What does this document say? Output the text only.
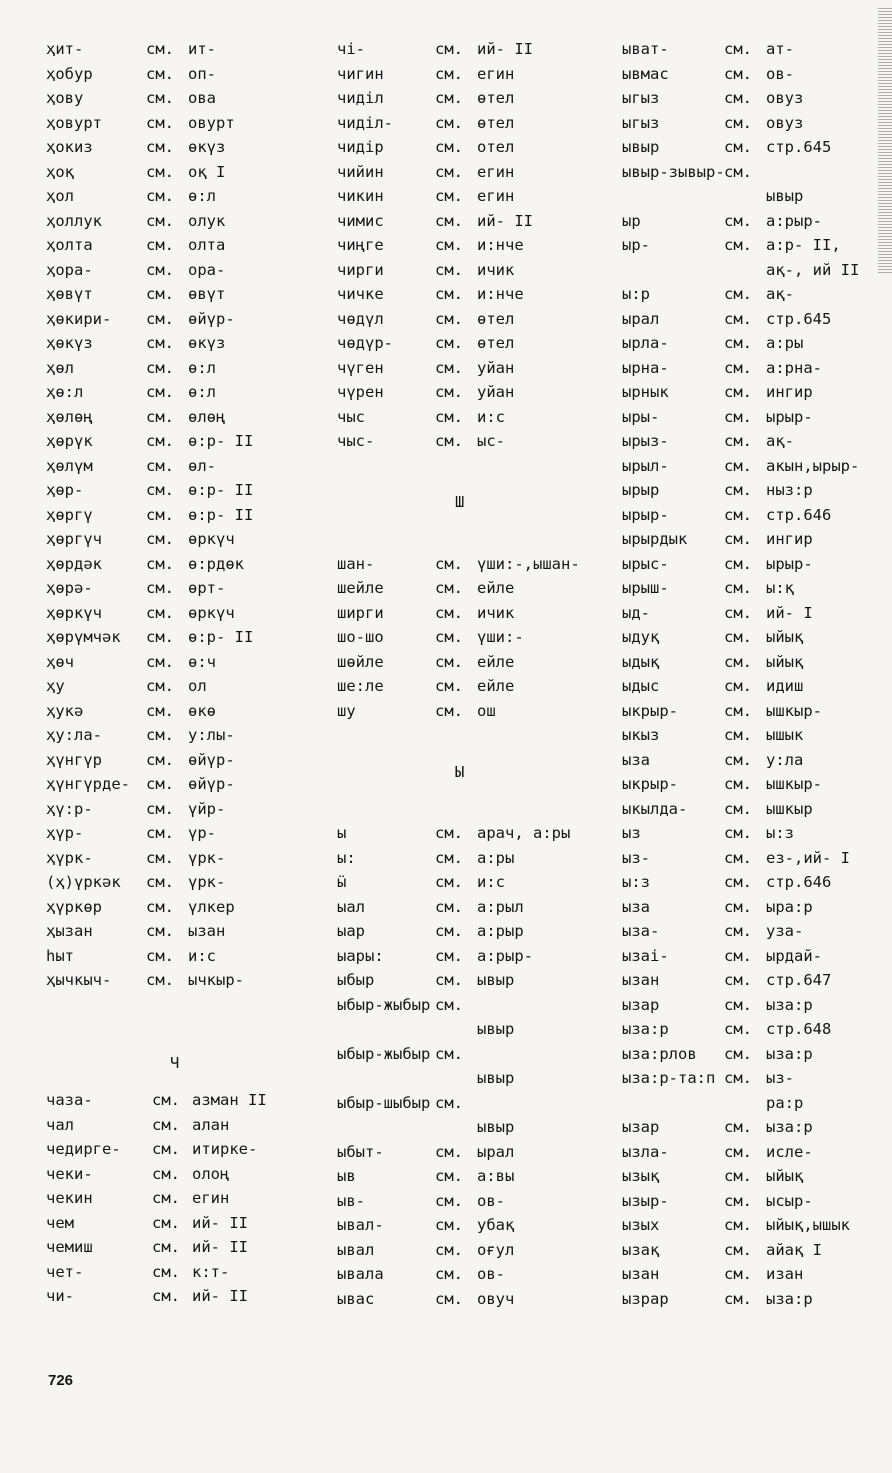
ҳит-	см. ит-
ҳобур	см. оп-
ҳову	см. ова
ҳовурт	см. овурт
ҳокиз	см. өкүз
ҳоқ	см. оқ I
ҳол	см. ө:л
ҳоллук	см. олук
ҳолта	см. олта
ҳора-	см. ора-
ҳөвүт	см. өвүт
ҳөкири- см. өйүр-
ҳөкүз	см. өкүз
ҳөл	см. ө:л
ҳө:л	см. ө:л
ҳөлөң	см. өлөң
ҳөрүк	см. ө:р- II
ҳөлүм	см. өл-
ҳөр-	см. ө:р- II
ҳөргү	см. ө:р- II
ҳөргүч	см. өркүч
ҳөрдәк	см. ө:рдөк
ҳөрә-	см. өрт-
ҳөркүч	см. өркүч
ҳөрүмчәк см. ө:р- II
ҳөч	см. ө:ч
ҳу	см. ол
ҳукә	см. өкө
ҳу:ла-	см. у:лы-
ҳүнгүр	см. өйүр-
ҳүнгүрде- см. өйүр-
ҳү:р-	см. үйр-
ҳүр-	см. үр-
ҳүрк-	см. үрк-
(ҳ)үркәк см. үрк-
ҳүркөр	см. үлкер
ҳызан	см. ызан
һыт	см. и:с
ҳычкыч- см. ычкыр-
Ч
чаза-	см. азман II
чал	см. алан
чедирге- см. итирке-
чеки-	см. олоң
чекин	см. егин
чем	см. ий- II
чемиш	см. ий- II
чет-	см. к:т-
чи-	см. ий- II
чі-	см. ий- II
чигин	см. егин
чиділ	см. өтел
чиділ-	см. өтел
чидір	см. отел
чийин	см. егин
чикин	см. егин
чимис	см. ий- II
чиңге	см. и:нче
чирги	см. ичик
чичке	см. и:нче
чөдүл	см. өтел
чөдүр-	см. өтел
чүген	см. уйан
чүрен	см. уйан
чыс	см. и:с
чыс-	см. ыс-
Ш
шан-	см. үши:-,ышан-
шейле	см. ейле
ширги	см. ичик
шо-шо	см. үши:-
шөйле	см. ейле
ше:ле	см. ейле
шу	см. ош
Ы
ы	см. арач, а:ры
ы:	см. а:ры
ӹ	см. и:с
ыал	см. а:рыл
ыар	см. а:рыр
ыары:	см. а:рыр-
ыбыр	см. ывыр
ыбыр-жыбыр см.
ывыр
ыбыр-жыбыр см.
ывыр
ыбыр-шыбыр см.
ывыр
ыбыт-	см. ырал
ыв	см. а:вы
ыв-	см. ов-
ывал-	см. убақ
ывал	см. оғул
ывала	см. ов-
ывас	см. овуч
ыват-	см. ат-
ывмас	см. ов-
ыгыз	см. овуз
ыгыз	см. овуз
ывыр	см. стр.645
ывыр-зывыр- см.
ывыр
ыр	см. а:рыр-
ыр-	см. а:р- II,
ақ-, ий II
ы:р	см. ақ-
ырал	см. стр.645
ырла-	см. а:ры
ырна-	см. а:рна-
ырнык	см. ингир
ыры-	см. ырыр-
ырыз-	см. ақ-
ырыл-	см. акын,ырыр-
ырыр	см. ныз:р
ырыр-	см. стр.646
ырырдык см. ингир
ырыс-	см. ырыр-
ырыш-	см. ы:қ
ыд-	см. ий- I
ыдуқ	см. ыйық
ыдық	см. ыйық
ыдыс	см. идиш
ыкрыр-	см. ышкыр-
ыкыз	см. ышык
ыза	см. у:ла
ыкрыр-	см. ышкыр-
ыкылда- см. ышкыр
ыз	см. ы:з
ыз-	см. ез-,ий- I
ы:з	см. стр.646
ыза	см. ыра:р
ыза-	см. уза-
ызаі-	см. ырдай-
ызан	см. стр.647
ызар	см. ыза:р
ыза:р	см. стр.648
ыза:рлов см. ыза:р
ыза:р-та:п см. ыз-
ра:р
ызар	см. ыза:р
ызла-	см. исле-
ызық	см. ыйық
ызыр-	см. ысыр-
ызых	см. ыйық,ышык
ызақ	см. айақ I
ызан	см. изан
ызрар	см. ыза:р
726
